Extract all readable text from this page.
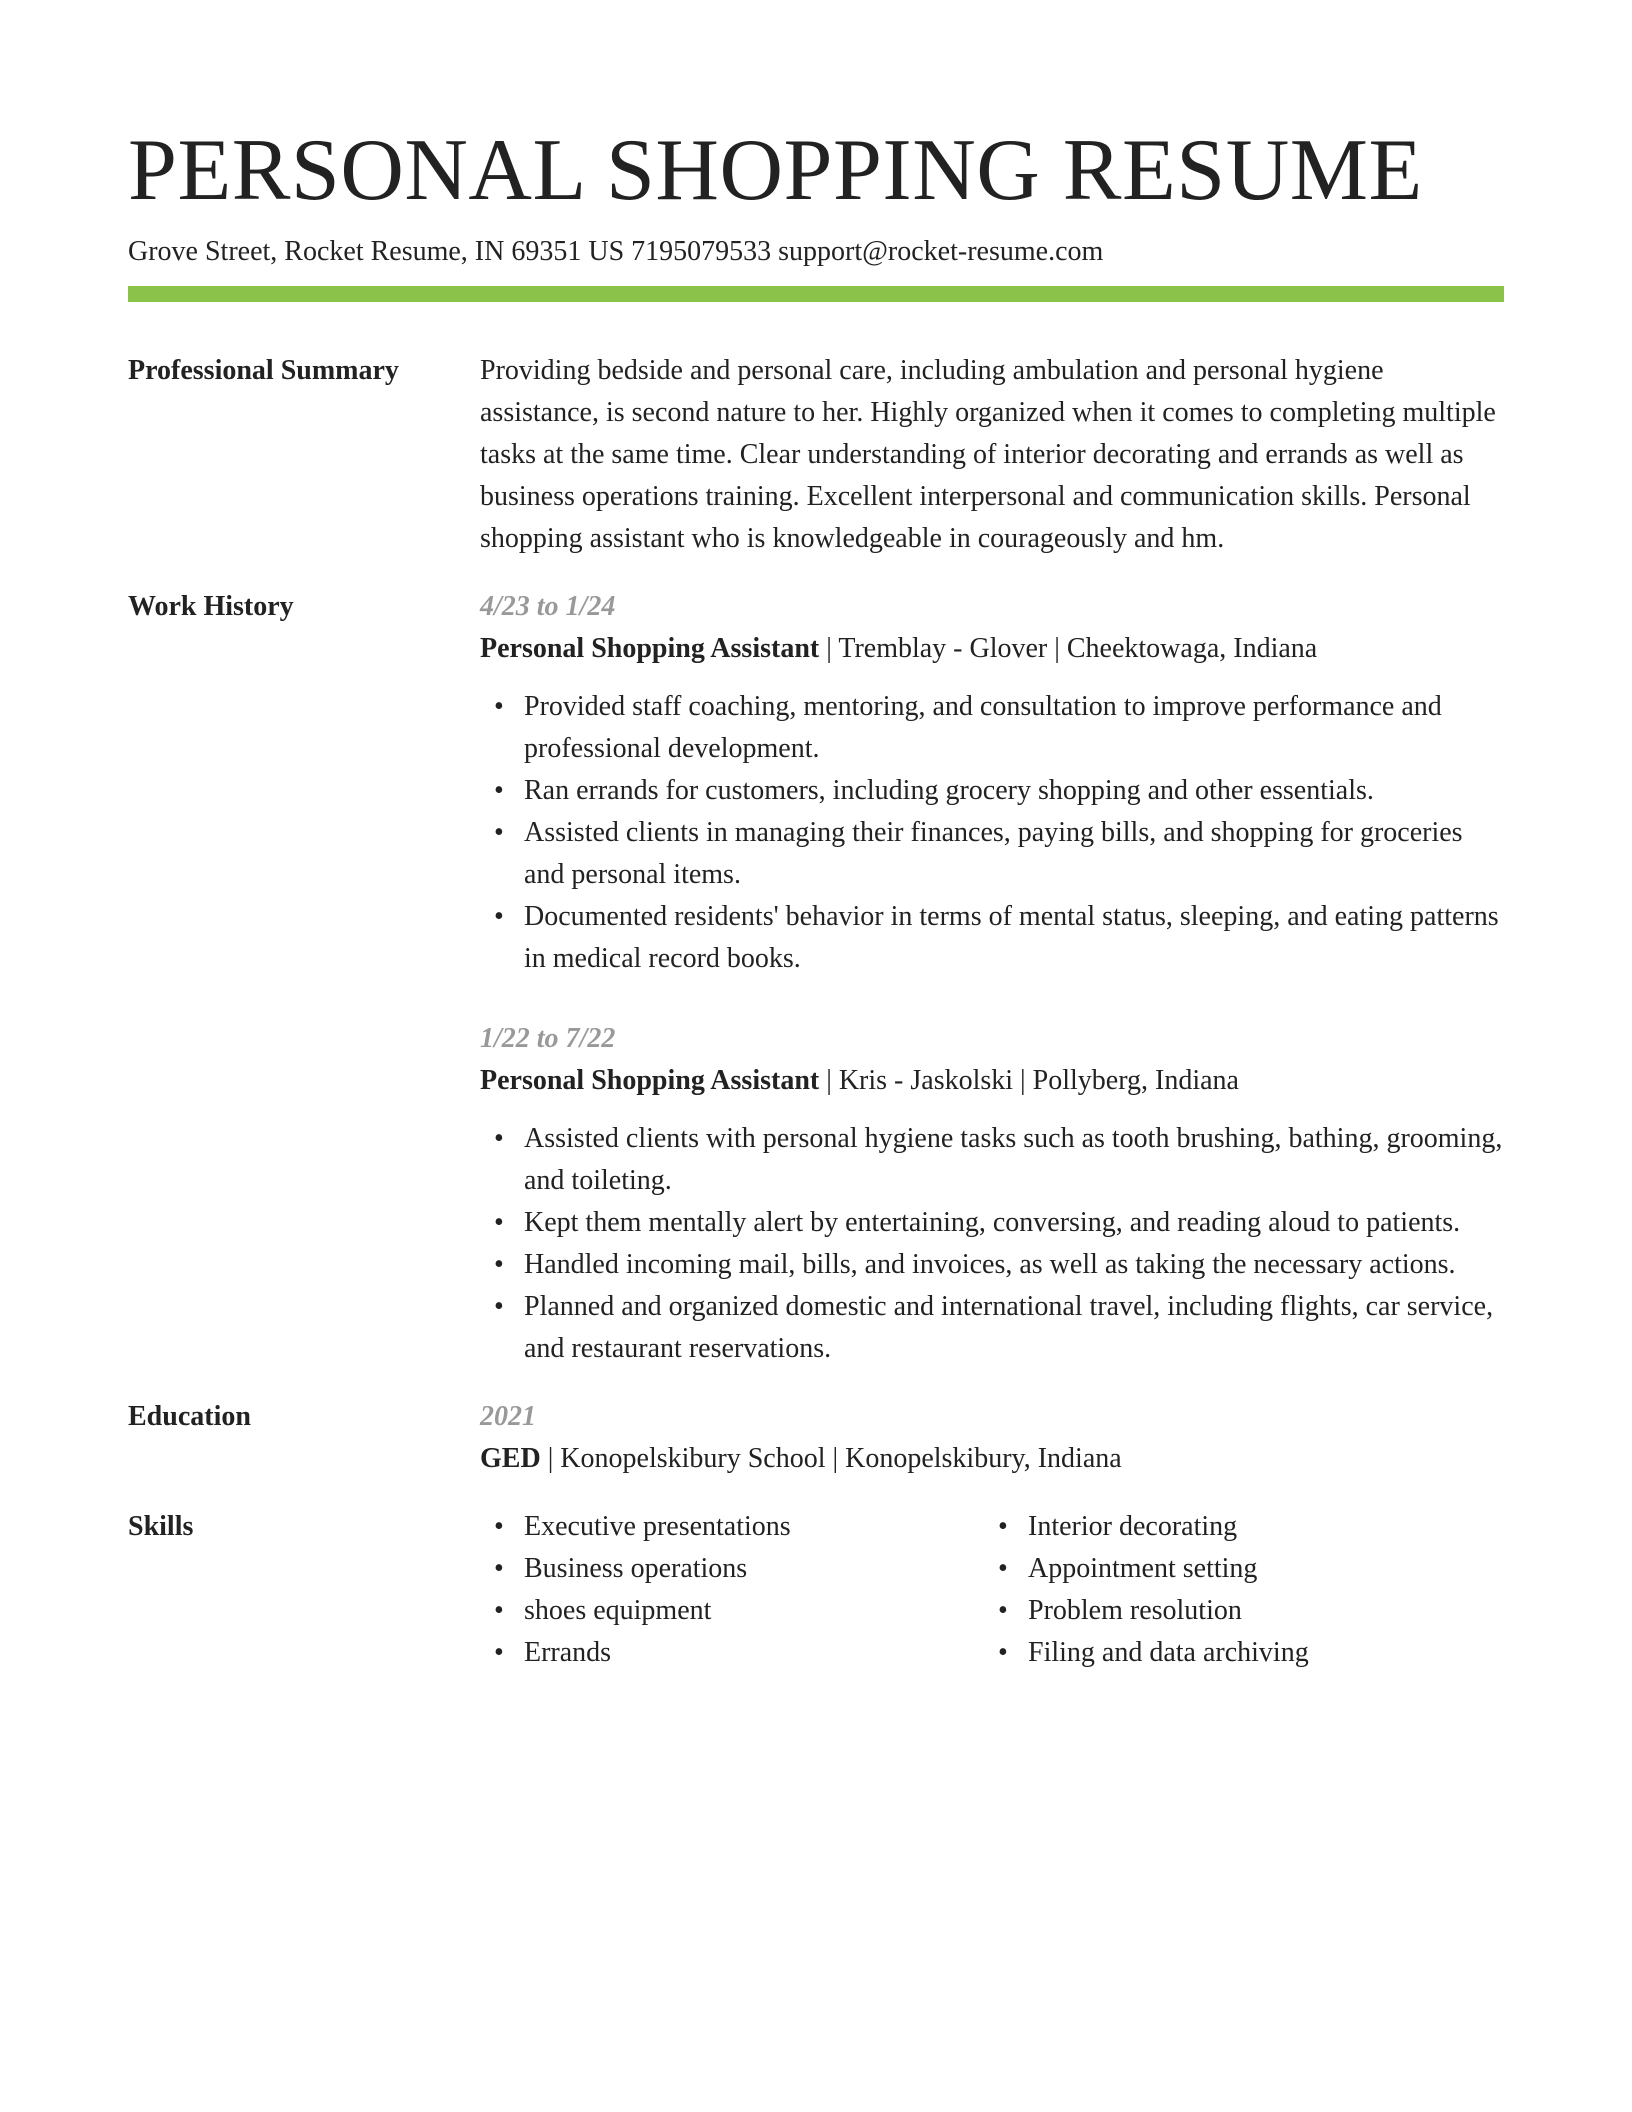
PERSONAL SHOPPING RESUME
Grove Street, Rocket Resume, IN 69351 US 7195079533 support@rocket-resume.com
Professional Summary	Providing bedside and personal care, including ambulation and personal hygiene assistance, is second nature to her. Highly organized when it comes to completing multiple tasks at the same time. Clear understanding of interior decorating and errands as well as business operations training. Excellent interpersonal and communication skills. Personal shopping assistant who is knowledgeable in courageously and hm.
Work History	4/23 to 1/24
Personal Shopping Assistant | Tremblay - Glover | Cheektowaga, Indiana
• Provided staff coaching, mentoring, and consultation to improve performance and professional development.
• Ran errands for customers, including grocery shopping and other essentials.
• Assisted clients in managing their finances, paying bills, and shopping for groceries and personal items.
• Documented residents' behavior in terms of mental status, sleeping, and eating patterns in medical record books.
1/22 to 7/22
Personal Shopping Assistant | Kris - Jaskolski | Pollyberg, Indiana
• Assisted clients with personal hygiene tasks such as tooth brushing, bathing, grooming, and toileting.
• Kept them mentally alert by entertaining, conversing, and reading aloud to patients.
• Handled incoming mail, bills, and invoices, as well as taking the necessary actions.
• Planned and organized domestic and international travel, including flights, car service, and restaurant reservations.
Education	2021
GED | Konopelskibury School | Konopelskibury, Indiana
Skills	• Executive presentations
• Business operations
• shoes equipment
• Errands
• Interior decorating
• Appointment setting
• Problem resolution
• Filing and data archiving
